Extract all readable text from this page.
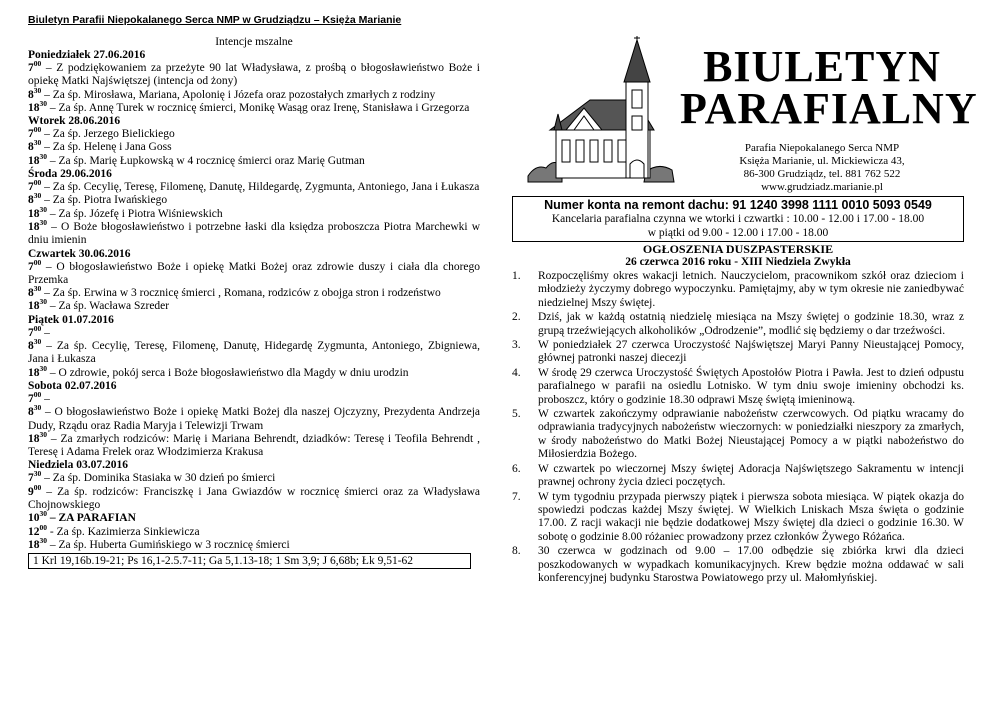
Biuletyn Parafii Niepokalanego Serca NMP w Grudziądzu – Księża Marianie
Intencje mszalne
Poniedziałek 27.06.2016
$7^{00}$ – Z podziękowaniem za przeżyte 90 lat Władysława, z prośbą o błogosławieństwo Boże i opiekę Matki Najświętszej (intencja od żony)
$8^{30}$ – Za śp. Mirosława, Mariana, Apolonię i Józefa oraz pozostałych zmarłych z rodziny
$18^{30}$ – Za śp. Annę Turek w rocznicę śmierci, Monikę Wasąg oraz Irenę, Stanisława i Grzegorza
Wtorek 28.06.2016
$7^{00}$ – Za śp. Jerzego Bielickiego
$8^{30}$ – Za śp. Helenę i Jana Goss
$18^{30}$ – Za śp. Marię Łupkowską w 4 rocznicę śmierci oraz Marię Gutman
Środa 29.06.2016
$7^{00}$ – Za śp. Cecylię, Teresę, Filomenę, Danutę, Hildegardę, Zygmunta, Antoniego, Jana i Łukasza
$8^{30}$ – Za śp. Piotra Iwańskiego
$18^{30}$ – Za śp. Józefę i Piotra Wiśniewskich
$18^{30}$ – O Boże błogosławieństwo i potrzebne łaski dla księdza proboszcza Piotra Marchewki w dniu imienin
Czwartek 30.06.2016
$7^{00}$ – O błogosławieństwo Boże i opiekę Matki Bożej oraz zdrowie duszy i ciała dla chorego Przemka
$8^{30}$ – Za śp. Erwina w 3 rocznicę śmierci , Romana, rodziców z obojga stron i rodzeństwo
$18^{30}$ – Za śp. Wacława Szreder
Piątek 01.07.2016
$7^{00}$ –
$8^{30}$ – Za śp. Cecylię, Teresę, Filomenę, Danutę, Hidegardę Zygmunta, Antoniego, Zbigniewa, Jana i Łukasza
$18^{30}$ – O zdrowie, pokój serca i Boże błogosławieństwo dla Magdy w dniu urodzin
Sobota 02.07.2016
$7^{00}$ –
$8^{30}$ – O błogosławieństwo Boże i opiekę Matki Bożej dla naszej Ojczyzny, Prezydenta Andrzeja Dudy, Rządu oraz Radia Maryja i Telewizji Trwam
$18^{30}$ – Za zmarłych rodziców: Marię i Mariana Behrendt, dziadków: Teresę i Teofila Behrendt , Teresę i Adama Frelek oraz Włodzimierza Krakusa
Niedziela 03.07.2016
$7^{30}$ – Za śp. Dominika Stasiaka w 30 dzień po śmierci
$9^{00}$ – Za śp. rodziców: Franciszkę i Jana Gwiazdów w rocznicę śmierci oraz za Władysława Chojnowskiego
$10^{30}$ – ZA PARAFIAN
$12^{00}$ - Za śp. Kazimierza Sinkiewicza
$18^{30}$ – Za śp. Huberta Gumińskiego w 3 rocznicę śmierci
1 Krl 19,16b.19-21; Ps 16,1-2.5.7-11; Ga 5,1.13-18; 1 Sm 3,9; J 6,68b; Łk 9,51-62
BIULETYN
PARAFIALNY
Parafia Niepokalanego Serca NMP
Księża Marianie, ul. Mickiewicza 43,
86-300 Grudziądz, tel. 881 762 522
www.grudziadz.marianie.pl
Numer konta na remont dachu: 91 1240 3998 1111 0010 5093 0549
Kancelaria parafialna czynna we wtorki i czwartki : 10.00 - 12.00 i 17.00 - 18.00
w piątki od 9.00 - 12.00 i 17.00 - 18.00
OGŁOSZENIA DUSZPASTERSKIE
26 czerwca 2016 roku - XIII Niedziela Zwykła
1. Rozpoczęliśmy okres wakacji letnich. Nauczycielom, pracownikom szkół oraz dzieciom i młodzieży życzymy dobrego wypoczynku. Pamiętajmy, aby w tym okresie nie zaniedbywać niedzielnej Mszy świętej.
2. Dziś, jak w każdą ostatnią niedzielę miesiąca na Mszy świętej o godzinie 18.30, wraz z grupą trzeźwiejących alkoholików „Odrodzenie”, modlić się będziemy o dar trzeźwości.
3. W poniedziałek 27 czerwca Uroczystość Najświętszej Maryi Panny Nieustającej Pomocy, głównej patronki naszej diecezji
4. W środę 29 czerwca Uroczystość Świętych Apostołów Piotra i Pawła. Jest to dzień odpustu parafialnego w parafii na osiedlu Lotnisko. W tym dniu swoje imieniny obchodzi ks. proboszcz, który o godzinie 18.30 odprawi Mszę świętą imieninową.
5. W czwartek zakończymy odprawianie nabożeństw czerwcowych. Od piątku wracamy do odprawiania tradycyjnych nabożeństw wieczornych: w poniedziałki nieszpory za zmarłych, w środy nabożeństwo do Matki Bożej Nieustającej Pomocy a w piątki nabożeństwo do Miłosierdzia Bożego.
6. W czwartek po wieczornej Mszy świętej Adoracja Najświętszego Sakramentu w intencji prawnej ochrony życia dzieci poczętych.
7. W tym tygodniu przypada pierwszy piątek i pierwsza sobota miesiąca. W piątek okazja do spowiedzi podczas każdej Mszy świętej. W Wielkich Lniskach Msza święta o godzinie 17.00. Z racji wakacji nie będzie dodatkowej Mszy świętej dla dzieci o godzinie 16.30. W sobotę o godzinie 8.00 różaniec prowadzony przez członków Żywego Różańca.
8. 30 czerwca w godzinach od 9.00 – 17.00 odbędzie się zbiórka krwi dla dzieci poszkodowanych w wypadkach komunikacyjnych. Krew będzie można oddawać w sali konferencyjnej budynku Starostwa Powiatowego przy ul. Małomłyńskiej.
